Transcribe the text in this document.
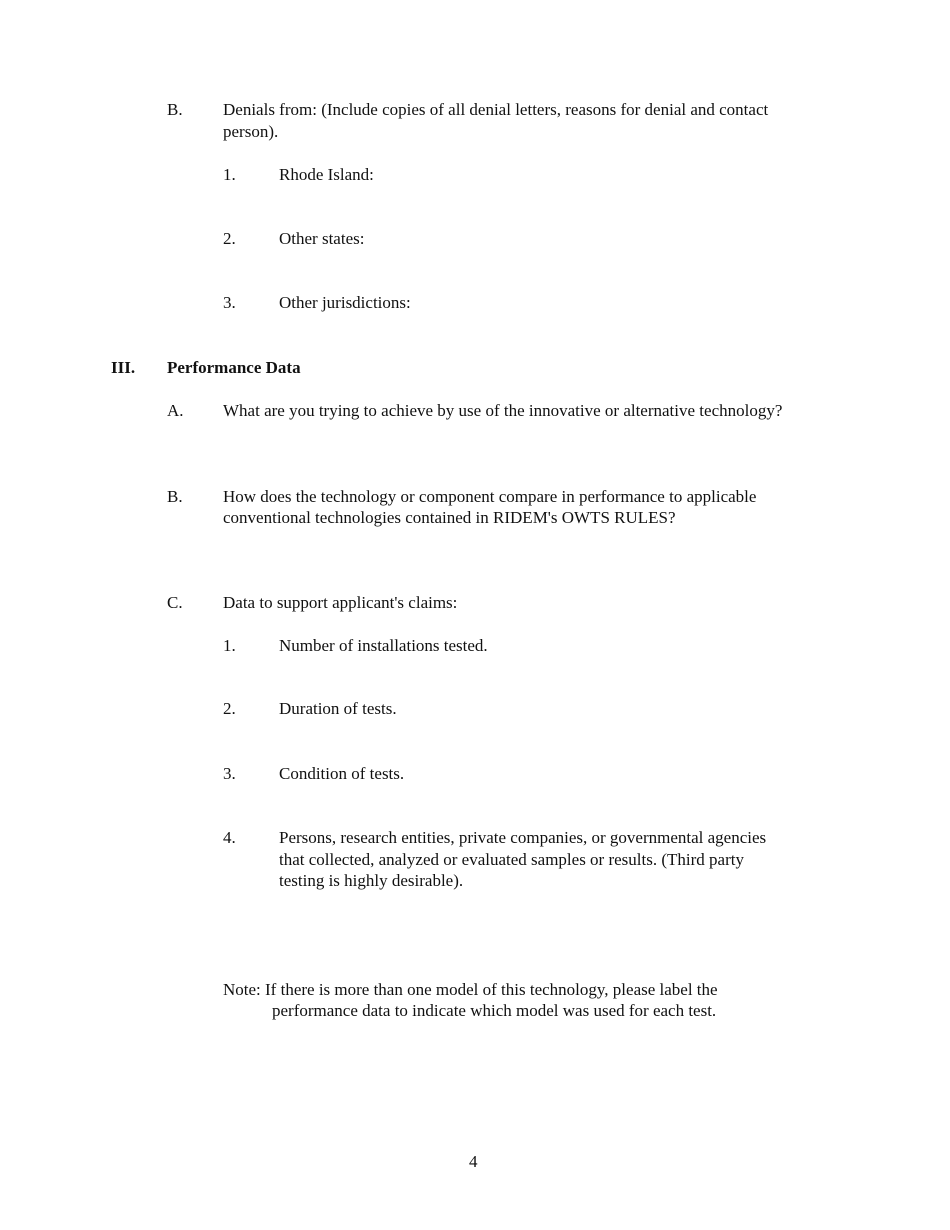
B. Denials from: (Include copies of all denial letters, reasons for denial and contact
person).
1.	Rhode Island:
2.	Other states:
3.	Other jurisdictions:
III. Performance Data
A. What are you trying to achieve by use of the innovative or alternative technology?
B. How does the technology or component compare in performance to applicable
conventional technologies contained in RIDEM's OWTS RULES?
C. Data to support applicant's claims:
1.	Number of installations tested.
2.	Duration of tests.
3.	Condition of tests.
4.	Persons, research entities, private companies, or governmental agencies
that collected, analyzed or evaluated samples or results. (Third party
testing is highly desirable).
Note: If there is more than one model of this technology, please label the
performance data to indicate which model was used for each test.
4
